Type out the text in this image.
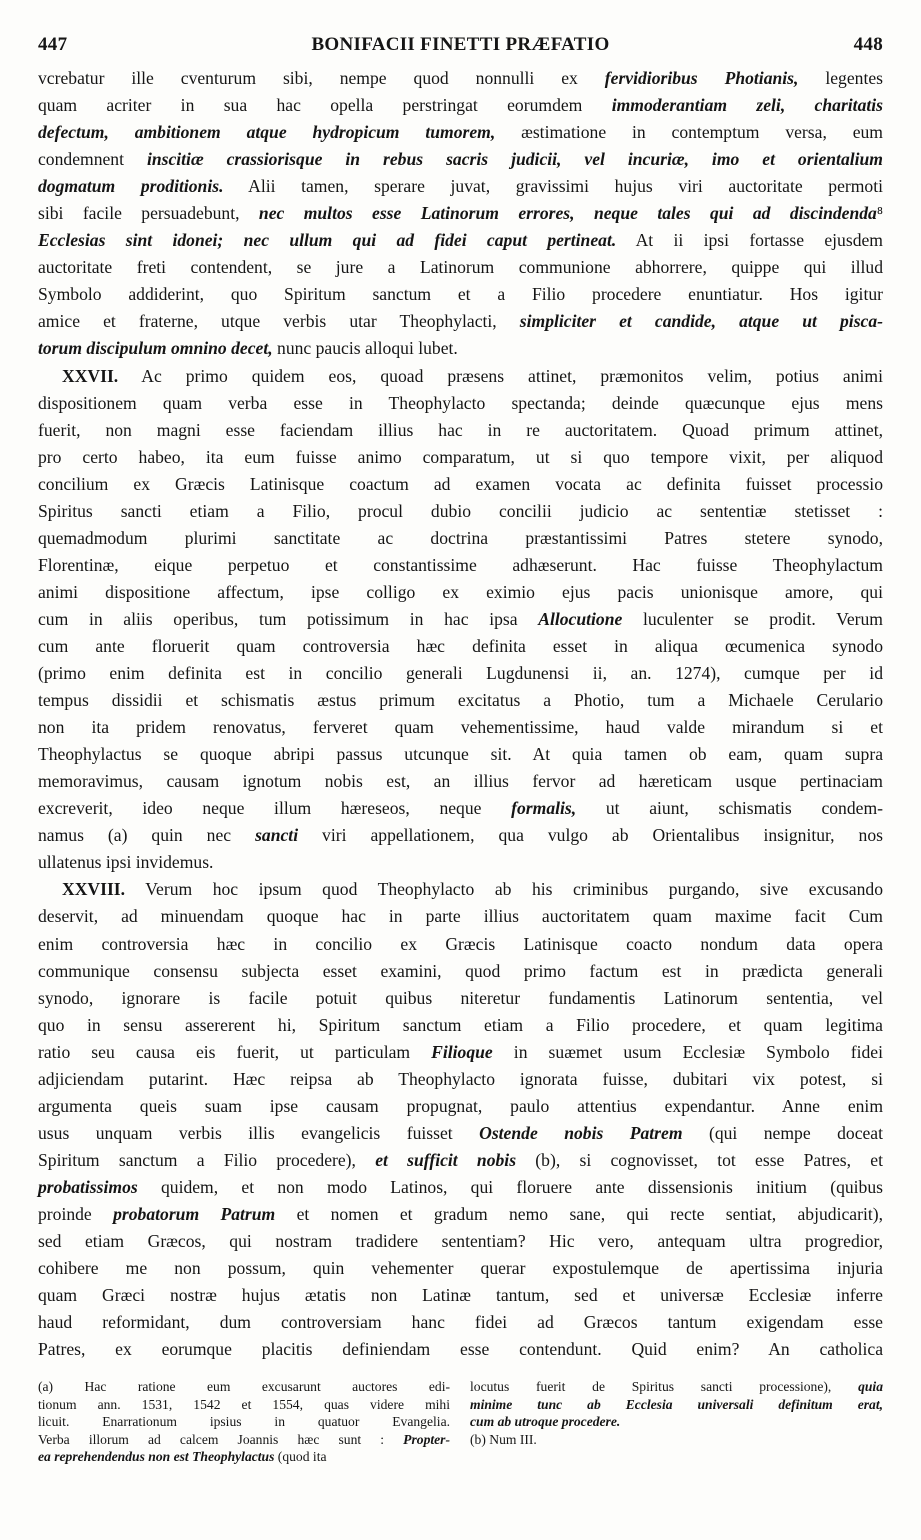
447	BONIFACII FINETTI PRÆFATIO	448
vcrebatur ille cventurum sibi, nempe quod nonnulli ex fervidioribus Photianis, legentes
quam acriter in sua hac opella perstringat eorumdem immoderantiam zeli, charitatis
defectum, ambitionem atque hydropicum tumorem, æstimatione in contemptum versa, eum
condemnent inscitiæ crassiorisque in rebus sacris judicii, vel incuriæ, imo et orientalium
dogmatum proditionis. Alii tamen, sperare juvat, gravissimi hujus viri auctoritate permoti
sibi facile persuadebunt, nec multos esse Latinorum errores, neque tales qui ad discindenda⁸
Ecclesias sint idonei; nec ullum qui ad fidei caput pertineat. At ii ipsi fortasse ejusdem
auctoritate freti contendent, se jure a Latinorum communione abhorrere, quippe qui illud
Symbolo addiderint, quo Spiritum sanctum et a Filio procedere enuntiatur. Hos igitur
amice et fraterne, utque verbis utar Theophylacti, simpliciter et candide, atque ut pisca-
torum discipulum omnino decet, nunc paucis alloqui lubet.
XXVII. Ac primo quidem eos, quoad præsens attinet, præmonitos velim, potius animi
dispositionem quam verba esse in Theophylacto spectanda; deinde quæcunque ejus mens
fuerit, non magni esse faciendam illius hac in re auctoritatem. Quoad primum attinet,
pro certo habeo, ita eum fuisse animo comparatum, ut si quo tempore vixit, per aliquod
concilium ex Græcis Latinisque coactum ad examen vocata ac definita fuisset processio
Spiritus sancti etiam a Filio, procul dubio concilii judicio ac sententiæ stetisset :
quemadmodum plurimi sanctitate ac doctrina præstantissimi Patres stetere synodo,
Florentinæ, eique perpetuo et constantissime adhæserunt. Hac fuisse Theophylactum
animi dispositione affectum, ipse colligo ex eximio ejus pacis unionisque amore, qui
cum in aliis operibus, tum potissimum in hac ipsa Allocutione luculenter se prodit. Verum
cum ante floruerit quam controversia hæc definita esset in aliqua œcumenica synodo
(primo enim definita est in concilio generali Lugdunensi ii, an. 1274), cumque per id
tempus dissidii et schismatis æstus primum excitatus a Photio, tum a Michaele Cerulario
non ita pridem renovatus, ferveret quam vehementissime, haud valde mirandum si et
Theophylactus se quoque abripi passus utcunque sit. At quia tamen ob eam, quam supra
memoravimus, causam ignotum nobis est, an illius fervor ad hæreticam usque pertinaciam
excreverit, ideo neque illum hæreseos, neque formalis, ut aiunt, schismatis condem-
namus (a) quin nec sancti viri appellationem, qua vulgo ab Orientalibus insignitur, nos
ullatenus ipsi invidemus.
XXVIII. Verum hoc ipsum quod Theophylacto ab his criminibus purgando, sive excusando
deservit, ad minuendam quoque hac in parte illius auctoritatem quam maxime facit Cum
enim controversia hæc in concilio ex Græcis Latinisque coacto nondum data opera
communique consensu subjecta esset examini, quod primo factum est in prædicta generali
synodo, ignorare is facile potuit quibus niteretur fundamentis Latinorum sententia, vel
quo in sensu assererent hi, Spiritum sanctum etiam a Filio procedere, et quam legitima
ratio seu causa eis fuerit, ut particulam Filioque in suæmet usum Ecclesiæ Symbolo fidei
adjiciendam putarint. Hæc reipsa ab Theophylacto ignorata fuisse, dubitari vix potest, si
argumenta queis suam ipse causam propugnat, paulo attentius expendantur. Anne enim
usus unquam verbis illis evangelicis fuisset Ostende nobis Patrem (qui nempe doceat
Spiritum sanctum a Filio procedere), et sufficit nobis (b), si cognovisset, tot esse Patres, et
probatissimos quidem, et non modo Latinos, qui floruere ante dissensionis initium (quibus
proinde probatorum Patrum et nomen et gradum nemo sane, qui recte sentiat, abjudicarit),
sed etiam Græcos, qui nostram tradidere sententiam? Hic vero, antequam ultra progredior,
cohibere me non possum, quin vehementer querar expostulemque de apertissima injuria
quam Græci nostræ hujus ætatis non Latinæ tantum, sed et universæ Ecclesiæ inferre
haud reformidant, dum controversiam hanc fidei ad Græcos tantum exigendam esse
Patres, ex eorumque placitis definiendam esse contendunt. Quid enim? An catholica
(a) Hac ratione eum excusarunt auctores edi-
tionum ann. 1531, 1542 et 1554, quas videre mihi
licuit. Enarrationum ipsius in quatuor Evangelia.
Verba illorum ad calcem Joannis hæc sunt : Propter-
ea reprehendendus non est Theophylactus (quod ita
locutus fuerit de Spiritus sancti processione), quia
minime tunc ab Ecclesia universali definitum erat,
cum ab utroque procedere.
(b) Num III.
